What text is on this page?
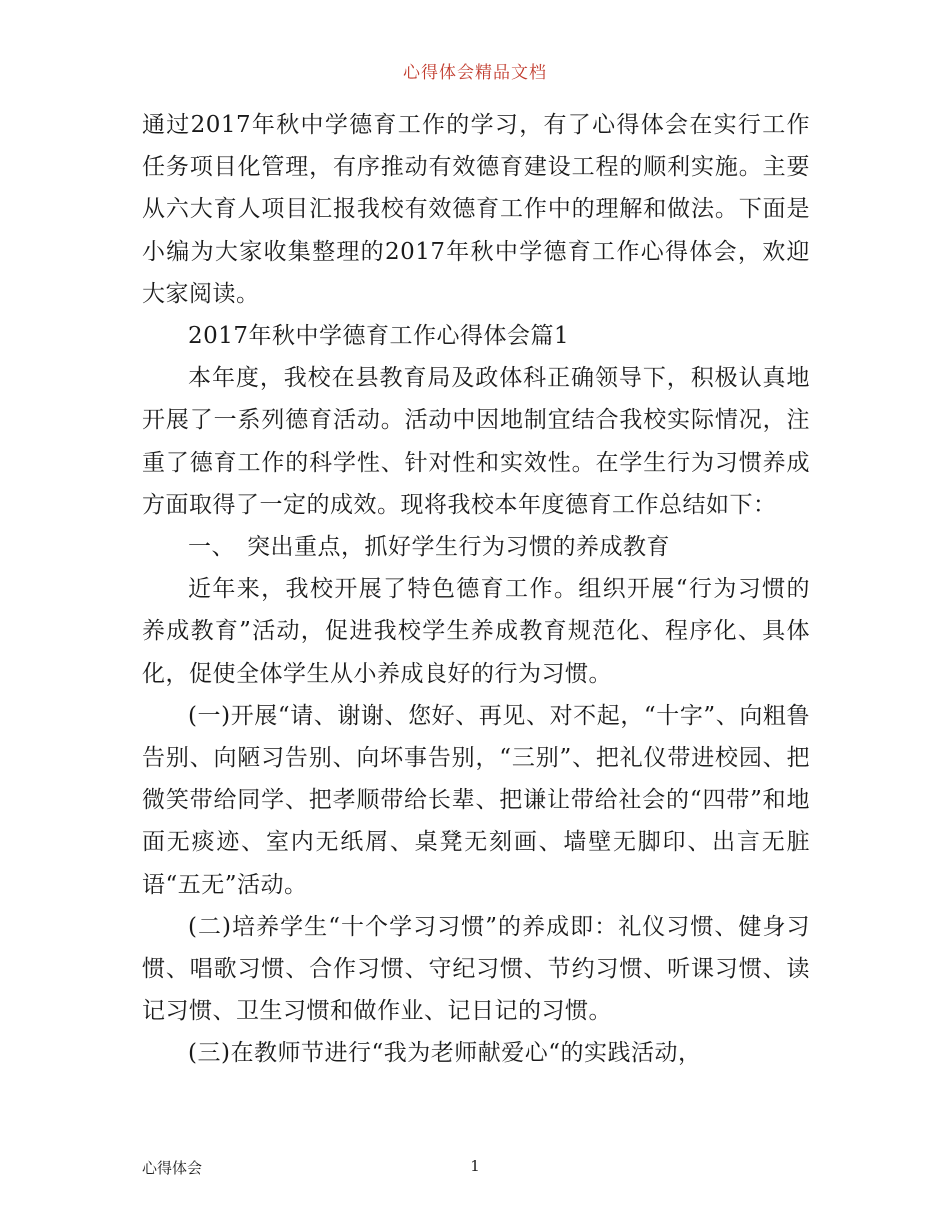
心得体会精品文档

通过2017年秋中学德育工作的学习，有了心得体会在实行工作任务项目化管理，有序推动有效德育建设工程的顺利实施。主要从六大育人项目汇报我校有效德育工作中的理解和做法。下面是小编为大家收集整理的2017年秋中学德育工作心得体会，欢迎大家阅读。

2017年秋中学德育工作心得体会篇1

本年度，我校在县教育局及政体科正确领导下，积极认真地开展了一系列德育活动。活动中因地制宜结合我校实际情况，注重了德育工作的科学性、针对性和实效性。在学生行为习惯养成方面取得了一定的成效。现将我校本年度德育工作总结如下：

一、　突出重点，抓好学生行为习惯的养成教育

近年来，我校开展了特色德育工作。组织开展“行为习惯的养成教育”活动，促进我校学生养成教育规范化、程序化、具体化，促使全体学生从小养成良好的行为习惯。

(一)开展“请、谢谢、您好、再见、对不起，“十字”、向粗鲁告别、向陋习告别、向坏事告别，“三别”、把礼仪带进校园、把微笑带给同学、把孝顺带给长辈、把谦让带给社会的“四带”和地面无痰迹、室内无纸屑、桌凳无刻画、墙壁无脚印、出言无脏语“五无”活动。

(二)培养学生“十个学习习惯”的养成即：礼仪习惯、健身习惯、唱歌习惯、合作习惯、守纪习惯、节约习惯、听课习惯、读记习惯、卫生习惯和做作业、记日记的习惯。

(三)在教师节进行“我为老师献爱心“的实践活动，

心得体会	1
